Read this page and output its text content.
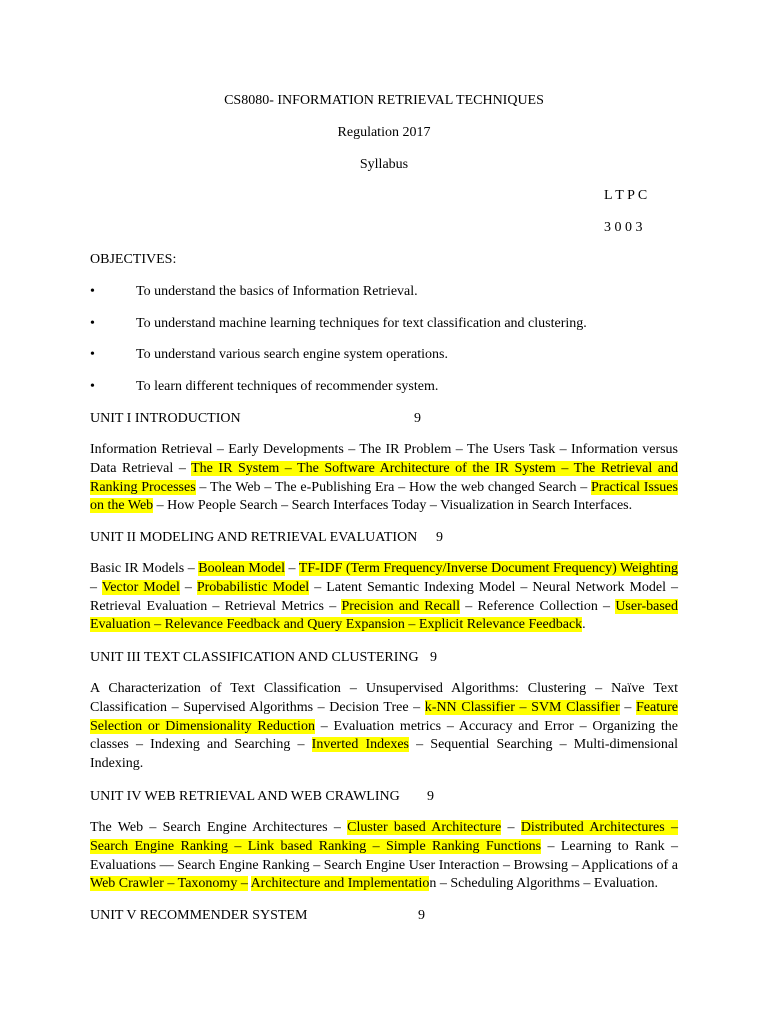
CS8080- INFORMATION RETRIEVAL TECHNIQUES
Regulation 2017
Syllabus
L T P C
3 0 0 3
OBJECTIVES:
•	To understand the basics of Information Retrieval.
•	To understand machine learning techniques for text classification and clustering.
•	To understand various search engine system operations.
•	To learn different techniques of recommender system.
UNIT I INTRODUCTION	9
Information Retrieval – Early Developments – The IR Problem – The Users Task – Information versus Data Retrieval – The IR System – The Software Architecture of the IR System – The Retrieval and Ranking Processes – The Web – The e-Publishing Era – How the web changed Search – Practical Issues on the Web – How People Search – Search Interfaces Today – Visualization in Search Interfaces.
UNIT II MODELING AND RETRIEVAL EVALUATION 9
Basic IR Models – Boolean Model – TF-IDF (Term Frequency/Inverse Document Frequency) Weighting – Vector Model – Probabilistic Model – Latent Semantic Indexing Model – Neural Network Model – Retrieval Evaluation – Retrieval Metrics – Precision and Recall – Reference Collection – User-based Evaluation – Relevance Feedback and Query Expansion – Explicit Relevance Feedback.
UNIT III TEXT CLASSIFICATION AND CLUSTERING 9
A Characterization of Text Classification – Unsupervised Algorithms: Clustering – Naïve Text Classification – Supervised Algorithms – Decision Tree – k-NN Classifier – SVM Classifier – Feature Selection or Dimensionality Reduction – Evaluation metrics – Accuracy and Error – Organizing the classes – Indexing and Searching – Inverted Indexes – Sequential Searching – Multi-dimensional Indexing.
UNIT IV WEB RETRIEVAL AND WEB CRAWLING 9
The Web – Search Engine Architectures – Cluster based Architecture – Distributed Architectures – Search Engine Ranking – Link based Ranking – Simple Ranking Functions – Learning to Rank – Evaluations –– Search Engine Ranking – Search Engine User Interaction – Browsing – Applications of a Web Crawler – Taxonomy – Architecture and Implementation – Scheduling Algorithms – Evaluation.
UNIT V RECOMMENDER SYSTEM	9
